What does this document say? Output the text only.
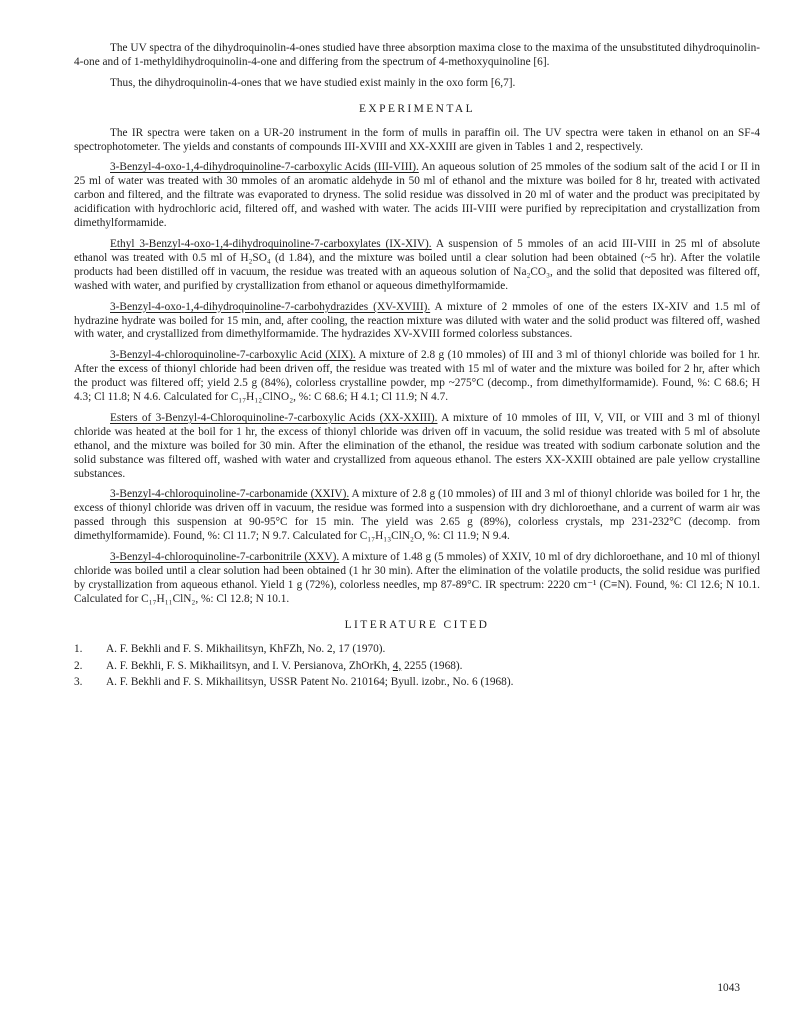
The UV spectra of the dihydroquinolin-4-ones studied have three absorption maxima close to the maxima of the unsubstituted dihydroquinolin-4-one and of 1-methyldihydroquinolin-4-one and differing from the spectrum of 4-methoxyquinoline [6].

Thus, the dihydroquinolin-4-ones that we have studied exist mainly in the oxo form [6,7].

EXPERIMENTAL

The IR spectra were taken on a UR-20 instrument in the form of mulls in paraffin oil. The UV spectra were taken in ethanol on an SF-4 spectrophotometer. The yields and constants of compounds III-XVIII and XX-XXIII are given in Tables 1 and 2, respectively.

3-Benzyl-4-oxo-1,4-dihydroquinoline-7-carboxylic Acids (III-VIII). An aqueous solution of 25 mmoles of the sodium salt of the acid I or II in 25 ml of water was treated with 30 mmoles of an aromatic aldehyde in 50 ml of ethanol and the mixture was boiled for 8 hr, treated with activated carbon and filtered, and the filtrate was evaporated to dryness. The solid residue was dissolved in 20 ml of water and the product was precipitated by acidification with hydrochloric acid, filtered off, and washed with water. The acids III-VIII were purified by reprecipitation and crystallization from dimethylformamide.

Ethyl 3-Benzyl-4-oxo-1,4-dihydroquinoline-7-carboxylates (IX-XIV). A suspension of 5 mmoles of an acid III-VIII in 25 ml of absolute ethanol was treated with 0.5 ml of H₂SO₄ (d 1.84), and the mixture was boiled until a clear solution had been obtained (~5 hr). After the volatile products had been distilled off in vacuum, the residue was treated with an aqueous solution of Na₂CO₃, and the solid that deposited was filtered off, washed with water, and purified by crystallization from ethanol or aqueous dimethylformamide.

3-Benzyl-4-oxo-1,4-dihydroquinoline-7-carbohydrazides (XV-XVIII). A mixture of 2 mmoles of one of the esters IX-XIV and 1.5 ml of hydrazine hydrate was boiled for 15 min, and, after cooling, the reaction mixture was diluted with water and the solid product was filtered off, washed with water, and crystallized from dimethylformamide. The hydrazides XV-XVIII formed colorless substances.

3-Benzyl-4-chloroquinoline-7-carboxylic Acid (XIX). A mixture of 2.8 g (10 mmoles) of III and 3 ml of thionyl chloride was boiled for 1 hr. After the excess of thionyl chloride had been driven off, the residue was treated with 15 ml of water and the mixture was boiled for 2 hr, after which the product was filtered off; yield 2.5 g (84%), colorless crystalline powder, mp ~275°C (decomp., from dimethylformamide). Found, %: C 68.6; H 4.3; Cl 11.8; N 4.6. Calculated for C₁₇H₁₂ClNO₂, %: C 68.6; H 4.1; Cl 11.9; N 4.7.

Esters of 3-Benzyl-4-Chloroquinoline-7-carboxylic Acids (XX-XXIII). A mixture of 10 mmoles of III, V, VII, or VIII and 3 ml of thionyl chloride was heated at the boil for 1 hr, the excess of thionyl chloride was driven off in vacuum, the solid residue was treated with 5 ml of absolute ethanol, and the mixture was boiled for 30 min. After the elimination of the ethanol, the residue was treated with sodium carbonate solution and the solid substance was filtered off, washed with water and crystallized from aqueous ethanol. The esters XX-XXIII obtained are pale yellow crystalline substances.

3-Benzyl-4-chloroquinoline-7-carbonamide (XXIV). A mixture of 2.8 g (10 mmoles) of III and 3 ml of thionyl chloride was boiled for 1 hr, the excess of thionyl chloride was driven off in vacuum, the residue was formed into a suspension with dry dichloroethane, and a current of warm air was passed through this suspension at 90-95°C for 15 min. The yield was 2.65 g (89%), colorless crystals, mp 231-232°C (decomp. from dimethylformamide). Found, %: Cl 11.7; N 9.7. Calculated for C₁₇H₁₃ClN₂O, %: Cl 11.9; N 9.4.

3-Benzyl-4-chloroquinoline-7-carbonitrile (XXV). A mixture of 1.48 g (5 mmoles) of XXIV, 10 ml of dry dichloroethane, and 10 ml of thionyl chloride was boiled until a clear solution had been obtained (1 hr 30 min). After the elimination of the volatile products, the solid residue was purified by crystallization from aqueous ethanol. Yield 1 g (72%), colorless needles, mp 87-89°C. IR spectrum: 2220 cm⁻¹ (C≡N). Found, %: Cl 12.6; N 10.1. Calculated for C₁₇H₁₁ClN₂, %: Cl 12.8; N 10.1.

LITERATURE CITED
1.	A. F. Bekhli and F. S. Mikhailitsyn, KhFZh, No. 2, 17 (1970).
2.	A. F. Bekhli, F. S. Mikhailitsyn, and I. V. Persianova, ZhOrKh, 4, 2255 (1968).
3.	A. F. Bekhli and F. S. Mikhailitsyn, USSR Patent No. 210164; Byull. izobr., No. 6 (1968).
1043
